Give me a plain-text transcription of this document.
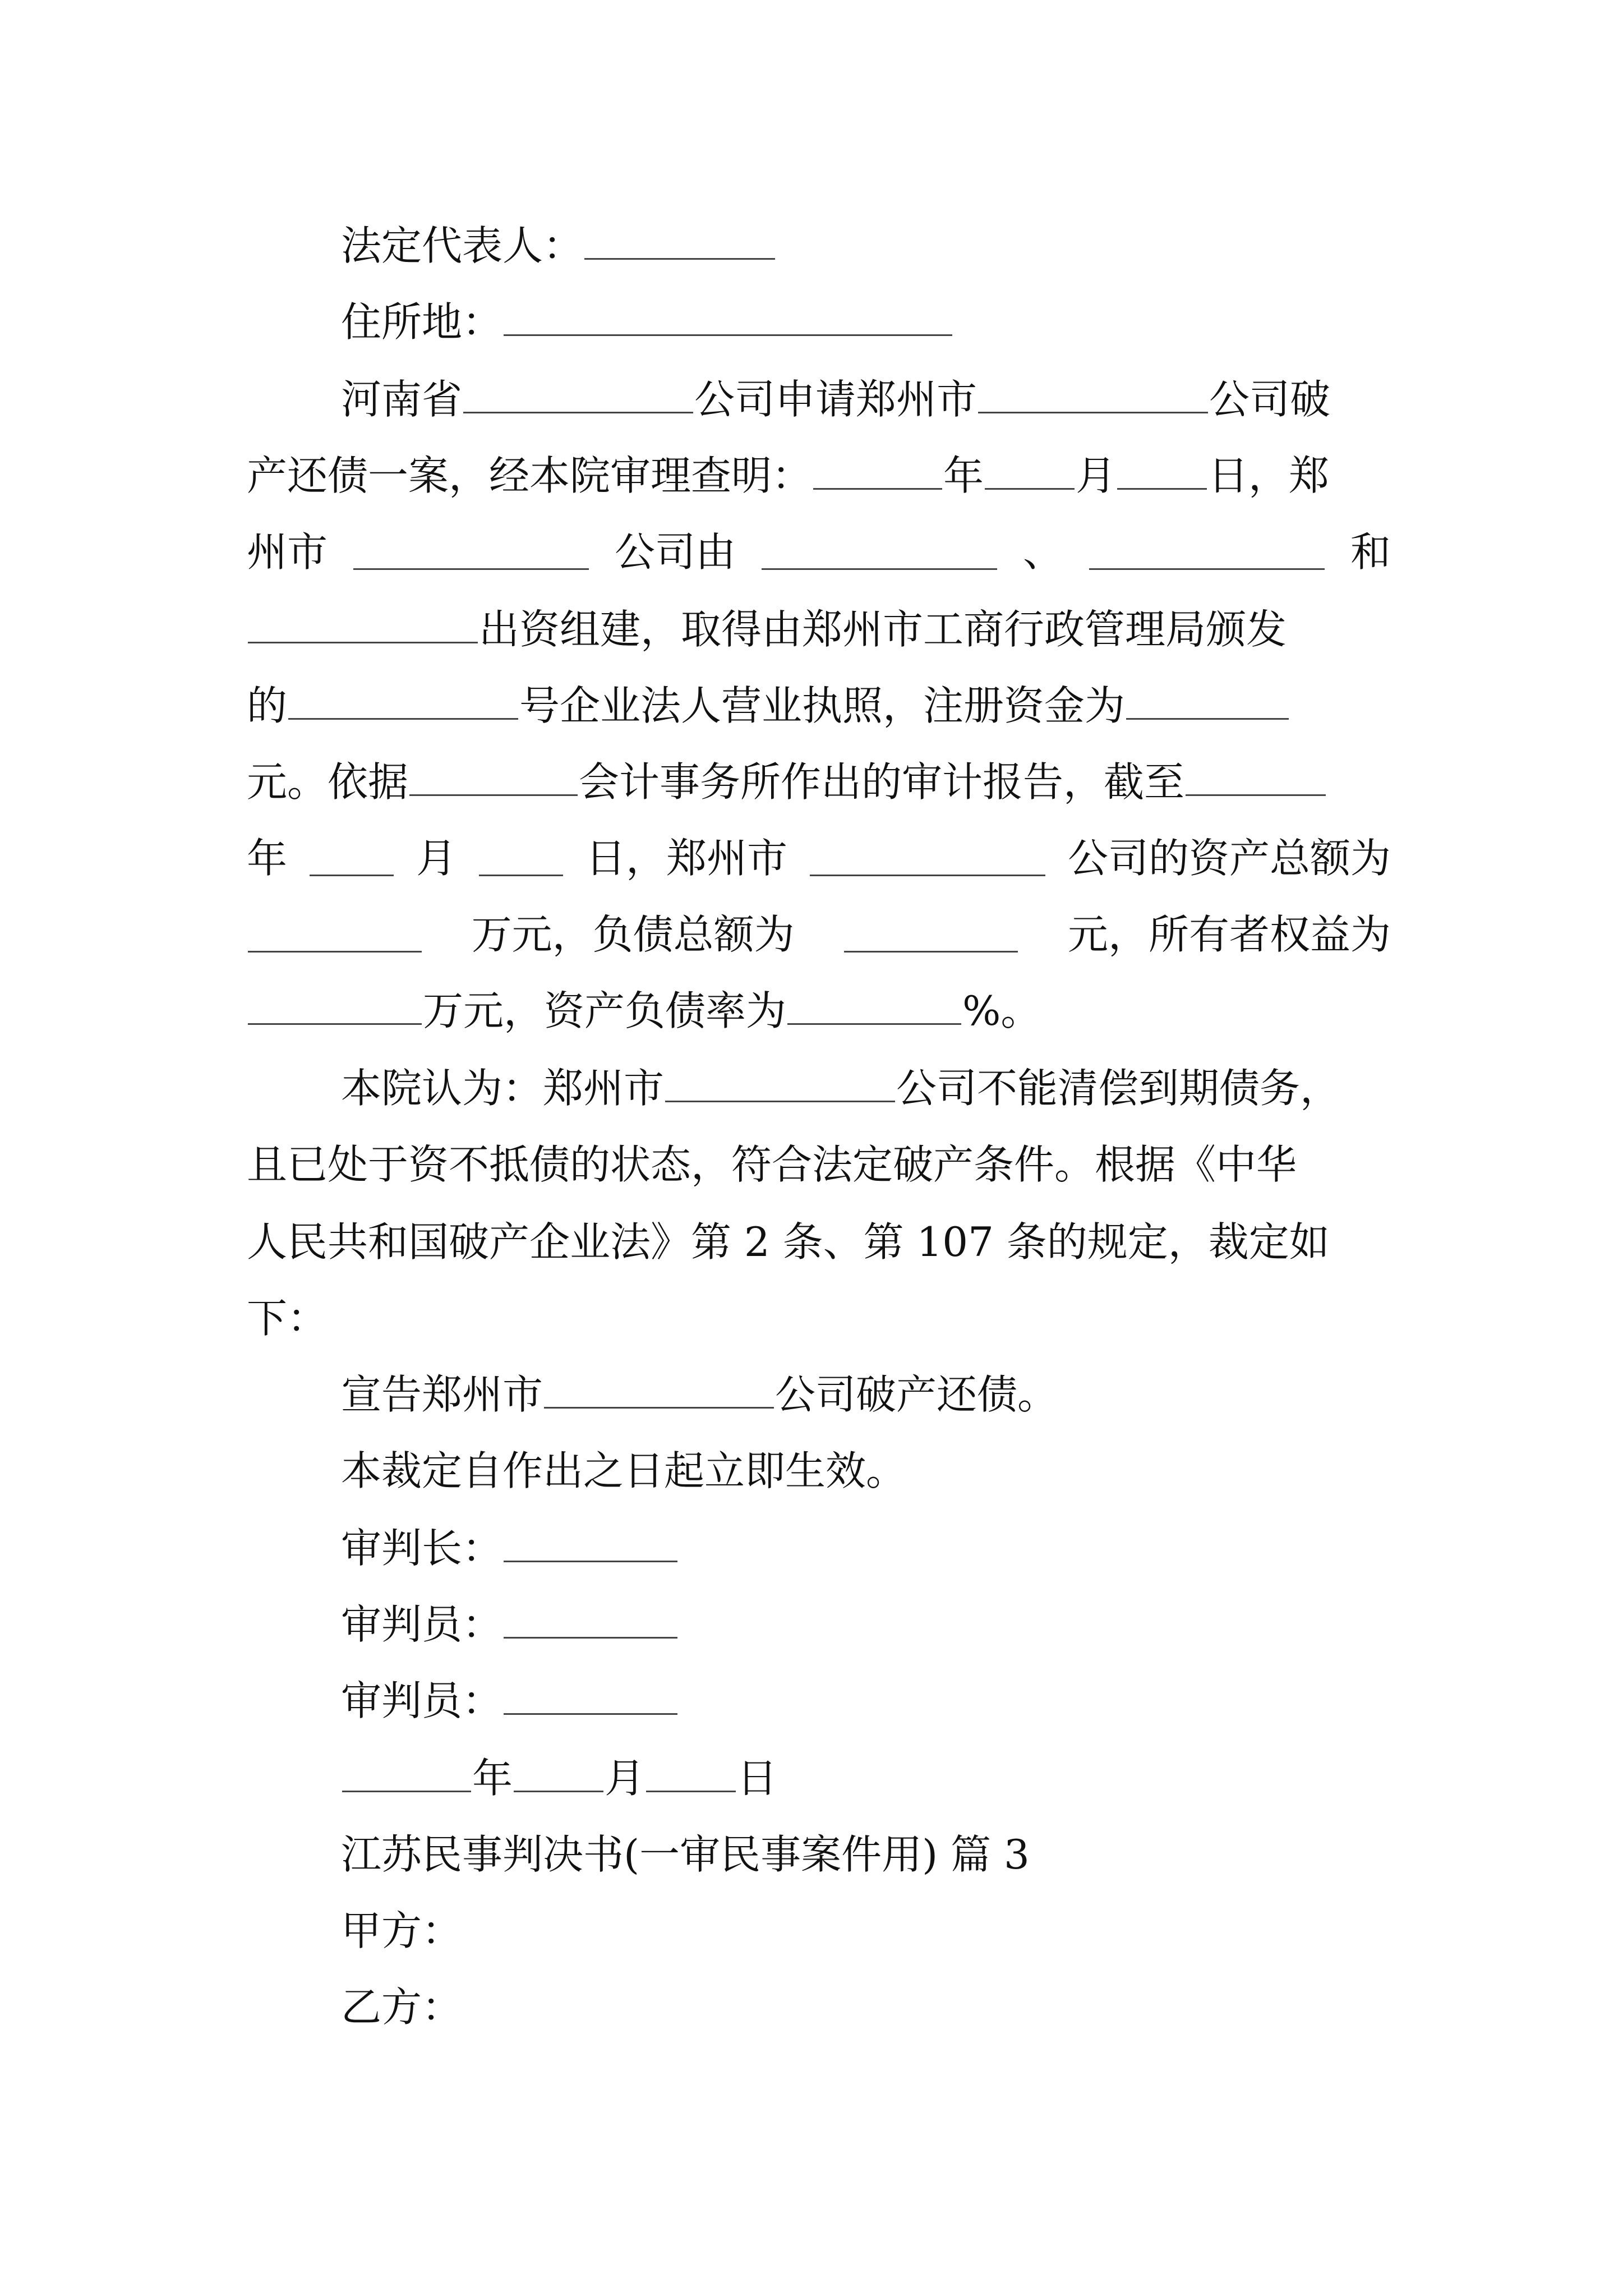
法定代表人：
住所地：
河南省	公司申请郑州市	公司破
产还债一案，经本院审理查明：	年 月 日，郑
州市	公司由	、	和
出资组建，取得由郑州市工商行政管理局颁发
的	号企业法人营业执照，注册资金为
元。依据	会计事务所作出的审计报告，截至
年	月	日，郑州市	公司的资产总额为
万元，负债总额为	元，所有者权益为
万元，资产负债率为	%。
本院认为：郑州市	公司不能清偿到期债务，
且已处于资不抵债的状态，符合法定破产条件。根据《中华
人民共和国破产企业法》第 2 条、第 107 条的规定，裁定如
下：
宣告郑州市	公司破产还债。
本裁定自作出之日起立即生效。
审判长：
审判员：
审判员：
年 月 日
江苏民事判决书(一审民事案件用) 篇 3
甲方：
乙方：
